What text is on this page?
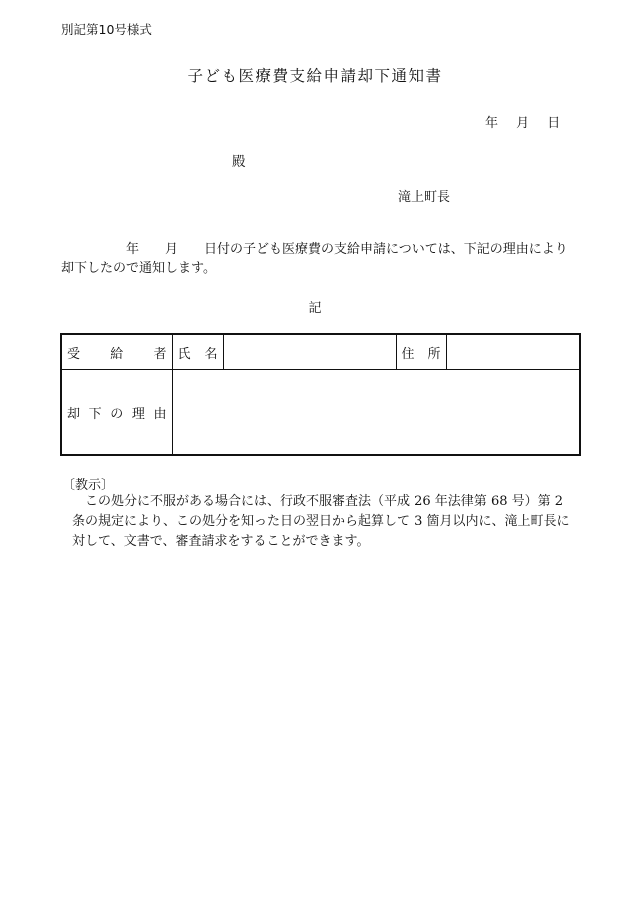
別記第10号様式
子ども医療費支給申請却下通知書
年 月 日
殿
滝上町長
　　　　　年　　月　　日付の子ども医療費の支給申請については、下記の理由により却下したので通知します。
記
受 給 者	氏 名		住 所	

却 下 の 理 由				

〔教示〕
　この処分に不服がある場合には、行政不服審査法（平成 26 年法律第 68 号）第 2 条の規定により、この処分を知った日の翌日から起算して 3 箇月以内に、滝上町長に対して、文書で、審査請求をすることができます。
